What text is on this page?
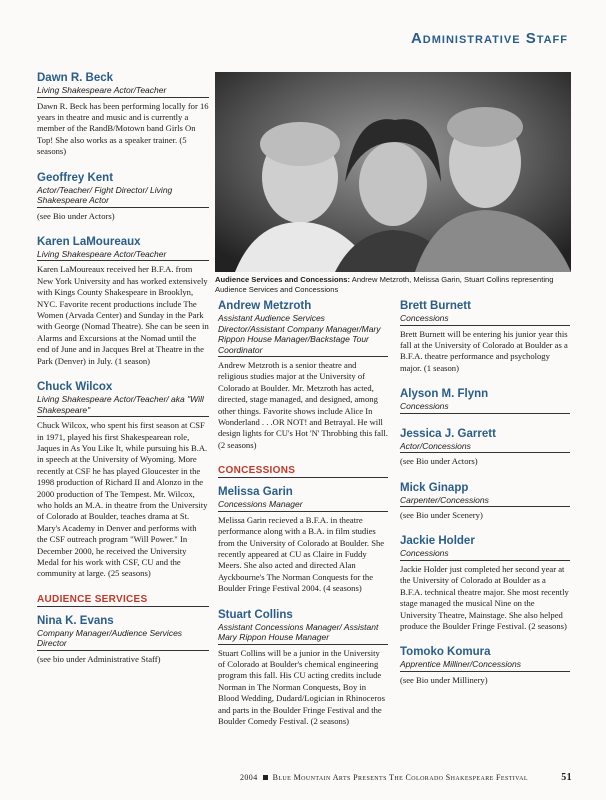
Administrative Staff
Dawn R. Beck
Living Shakespeare Actor/Teacher

Dawn R. Beck has been performing locally for 16 years in theatre and music and is currently a member of the RandB/Motown band Girls On Top! She also works as a speaker trainer. (5 seasons)

Geoffrey Kent
Actor/Teacher/ Fight Director/ Living Shakespeare Actor

(see Bio under Actors)

Karen LaMoureaux
Living Shakespeare Actor/Teacher

Karen LaMoureaux received her B.F.A. from New York University and has worked extensively with Kings County Shakespeare in Brooklyn, NYC. Favorite recent productions include The Women (Arvada Center) and Sunday in the Park with George (Nomad Theatre). She can be seen in Alarms and Excursions at the Nomad until the end of June and in Jacques Brel at Theatre in the Park (Denver) in July. (1 season)

Chuck Wilcox
Living Shakespeare Actor/Teacher/ aka "Will Shakespeare"

Chuck Wilcox, who spent his first season at CSF in 1971, played his first Shakespearean role, Jaques in As You Like It, while pursuing his B.A. in speech at the University of Wyoming. More recently at CSF he has played Gloucester in the 1998 production of Richard II and Alonzo in the 2000 production of The Tempest. Mr. Wilcox, who holds an M.A. in theatre from the University of Colorado at Boulder, teaches drama at St. Mary's Academy in Denver and performs with the CSF outreach program "Will Power." In December 2000, he received the University Medal for his work with CSF, CU and the community at large. (25 seasons)

AUDIENCE SERVICES
Nina K. Evans
Company Manager/Audience Services Director

(see bio under Administrative Staff)

Audience Services and Concessions: Andrew Metzroth, Melissa Garin, Stuart Collins representing Audience Services and Concessions
Andrew Metzroth
Assistant Audience Services Director/Assistant Company Manager/Mary Rippon House Manager/Backstage Tour Coordinator

Andrew Metzroth is a senior theatre and religious studies major at the University of Colorado at Boulder. Mr. Metzroth has acted, directed, stage managed, and designed, among other things. Favorite shows include Alice In Wonderland . . .OR NOT! and Betrayal. He will design lights for CU's Hot 'N' Throbbing this fall. (2 seasons)

CONCESSIONS
Melissa Garin
Concessions Manager

Melissa Garin recieved a B.F.A. in theatre performance along with a B.A. in film studies from the University of Colorado at Boulder. She recently appeared at CU as Claire in Fuddy Meers. She also acted and directed Alan Ayckbourne's The Norman Conquests for the Boulder Fringe Festival 2004. (4 seasons)

Stuart Collins
Assistant Concessions Manager/ Assistant Mary Rippon House Manager

Stuart Collins will be a junior in the University of Colorado at Boulder's chemical engineering program this fall. His CU acting credits include Norman in The Norman Conquests, Boy in Blood Wedding, Dudard/Logician in Rhinoceros and parts in the Boulder Fringe Festival and the Boulder Comedy Festival. (2 seasons)

Brett Burnett
Concessions

Brett Burnett will be entering his junior year this fall at the University of Colorado at Boulder as a B.F.A. theatre performance and psychology major. (1 season)

Alyson M. Flynn
Concessions
Jessica J. Garrett
Actor/Concessions

(see Bio under Actors)

Mick Ginapp
Carpenter/Concessions

(see Bio under Scenery)

Jackie Holder
Concessions

Jackie Holder just completed her second year at the University of Colorado at Boulder as a B.F.A. technical theatre major. She most recently stage managed the musical Nine on the University Theatre, Mainstage. She also helped produce the Boulder Fringe Festival. (2 seasons)

Tomoko Komura
Apprentice Milliner/Concessions

(see Bio under Millinery)

2004 Blue Mountain Arts Presents The Colorado Shakespeare Festival	51
